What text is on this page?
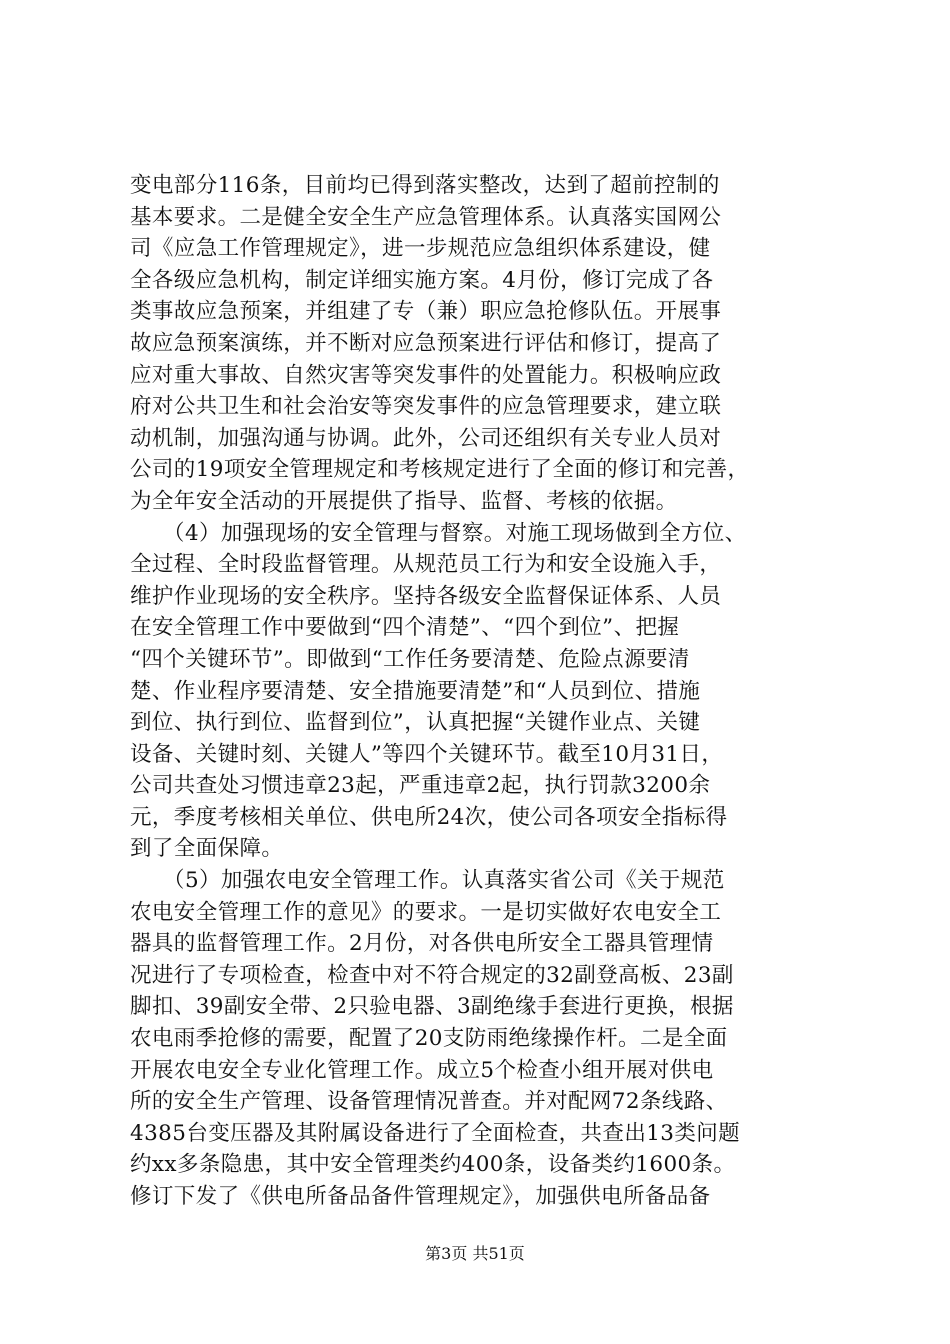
变电部分116条，目前均已得到落实整改，达到了超前控制的
基本要求。二是健全安全生产应急管理体系。认真落实国网公
司《应急工作管理规定》，进一步规范应急组织体系建设，健
全各级应急机构，制定详细实施方案。4月份，修订完成了各
类事故应急预案，并组建了专（兼）职应急抢修队伍。开展事
故应急预案演练，并不断对应急预案进行评估和修订，提高了
应对重大事故、自然灾害等突发事件的处置能力。积极响应政
府对公共卫生和社会治安等突发事件的应急管理要求，建立联
动机制，加强沟通与协调。此外，公司还组织有关专业人员对
公司的19项安全管理规定和考核规定进行了全面的修订和完善，
为全年安全活动的开展提供了指导、监督、考核的依据。
　　（4）加强现场的安全管理与督察。对施工现场做到全方位、
全过程、全时段监督管理。从规范员工行为和安全设施入手，
维护作业现场的安全秩序。坚持各级安全监督保证体系、人员
在安全管理工作中要做到“四个清楚”、“四个到位”、把握
“四个关键环节”。即做到“工作任务要清楚、危险点源要清
楚、作业程序要清楚、安全措施要清楚”和“人员到位、措施
到位、执行到位、监督到位”，认真把握“关键作业点、关键
设备、关键时刻、关键人”等四个关键环节。截至10月31日，
公司共查处习惯违章23起，严重违章2起，执行罚款3200余
元，季度考核相关单位、供电所24次，使公司各项安全指标得
到了全面保障。
　　（5）加强农电安全管理工作。认真落实省公司《关于规范
农电安全管理工作的意见》的要求。一是切实做好农电安全工
器具的监督管理工作。2月份，对各供电所安全工器具管理情
况进行了专项检查，检查中对不符合规定的32副登高板、23副
脚扣、39副安全带、2只验电器、3副绝缘手套进行更换，根据
农电雨季抢修的需要，配置了20支防雨绝缘操作杆。二是全面
开展农电安全专业化管理工作。成立5个检查小组开展对供电
所的安全生产管理、设备管理情况普查。并对配网72条线路、
4385台变压器及其附属设备进行了全面检查，共查出13类问题
约xx多条隐患，其中安全管理类约400条，设备类约1600条。
修订下发了《供电所备品备件管理规定》，加强供电所备品备
第3页 共51页
